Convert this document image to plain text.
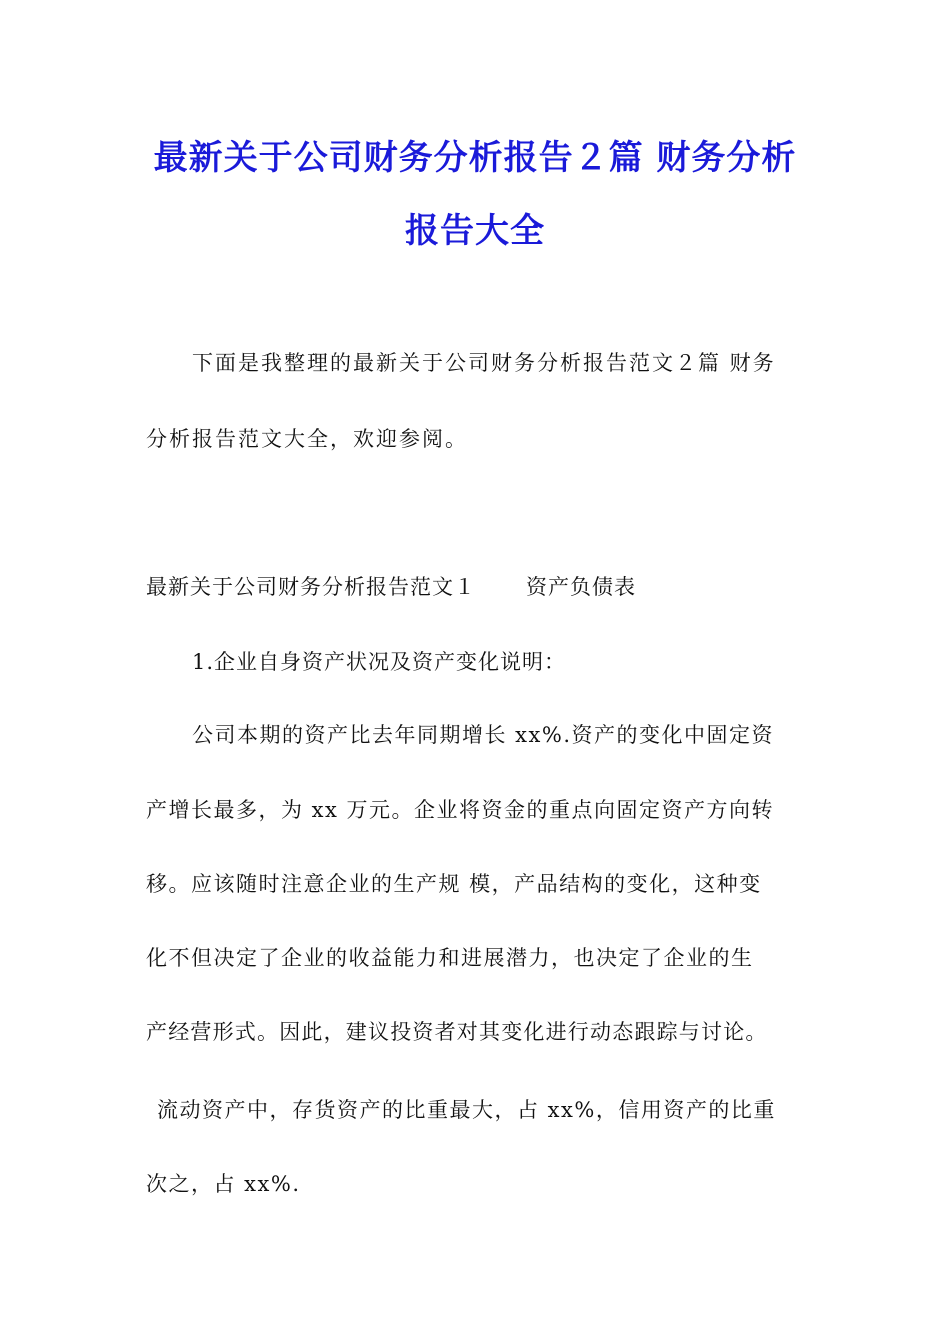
最新关于公司财务分析报告２篇 财务分析
报告大全
下面是我整理的最新关于公司财务分析报告范文２篇 财务
分析报告范文大全，欢迎参阅。
最新关于公司财务分析报告范文１ 资产负债表
1.企业自身资产状况及资产变化说明：
公司本期的资产比去年同期增长 xx%.资产的变化中固定资
产增长最多，为 xx 万元。企业将资金的重点向固定资产方向转
移。应该随时注意企业的生产规 模，产品结构的变化，这种变
化不但决定了企业的收益能力和进展潜力，也决定了企业的生
产经营形式。因此，建议投资者对其变化进行动态跟踪与讨论。
流动资产中，存货资产的比重最大，占 xx%，信用资产的比重
次之，占 xx%.
